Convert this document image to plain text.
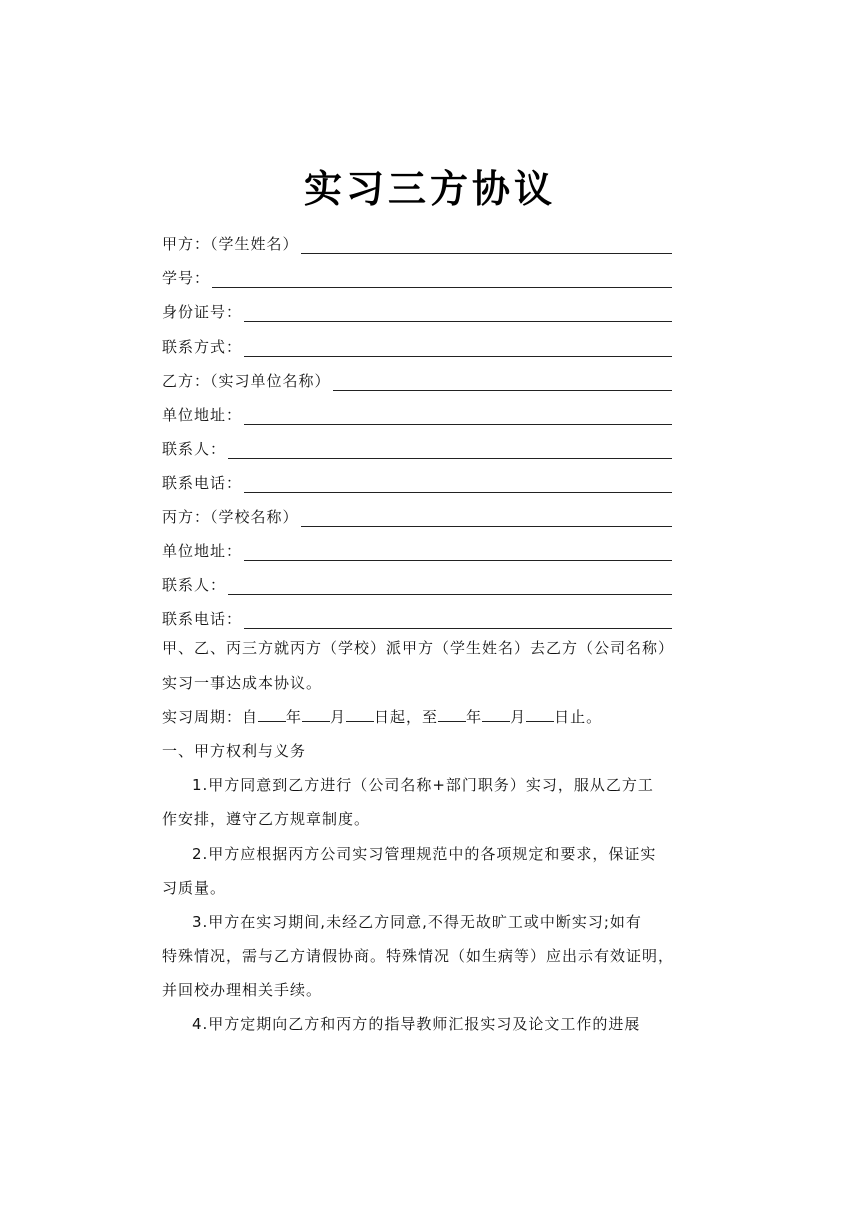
实习三方协议
甲方：（学生姓名）
学号：
身份证号：
联系方式：
乙方：（实习单位名称）
单位地址：
联系人：
联系电话：
丙方：（学校名称）
单位地址：
联系人：
联系电话：
甲、乙、丙三方就丙方（学校）派甲方（学生姓名）去乙方（公司名称）
实习一事达成本协议。
实习周期：自 年 月 日起，至 年 月 日止。
一、甲方权利与义务
1.甲方同意到乙方进行（公司名称+部门职务）实习，服从乙方工
作安排，遵守乙方规章制度。
2.甲方应根据丙方公司实习管理规范中的各项规定和要求，保证实
习质量。
3.甲方在实习期间,未经乙方同意,不得无故旷工或中断实习;如有
特殊情况，需与乙方请假协商。特殊情况（如生病等）应出示有效证明，
并回校办理相关手续。
4.甲方定期向乙方和丙方的指导教师汇报实习及论文工作的进展
